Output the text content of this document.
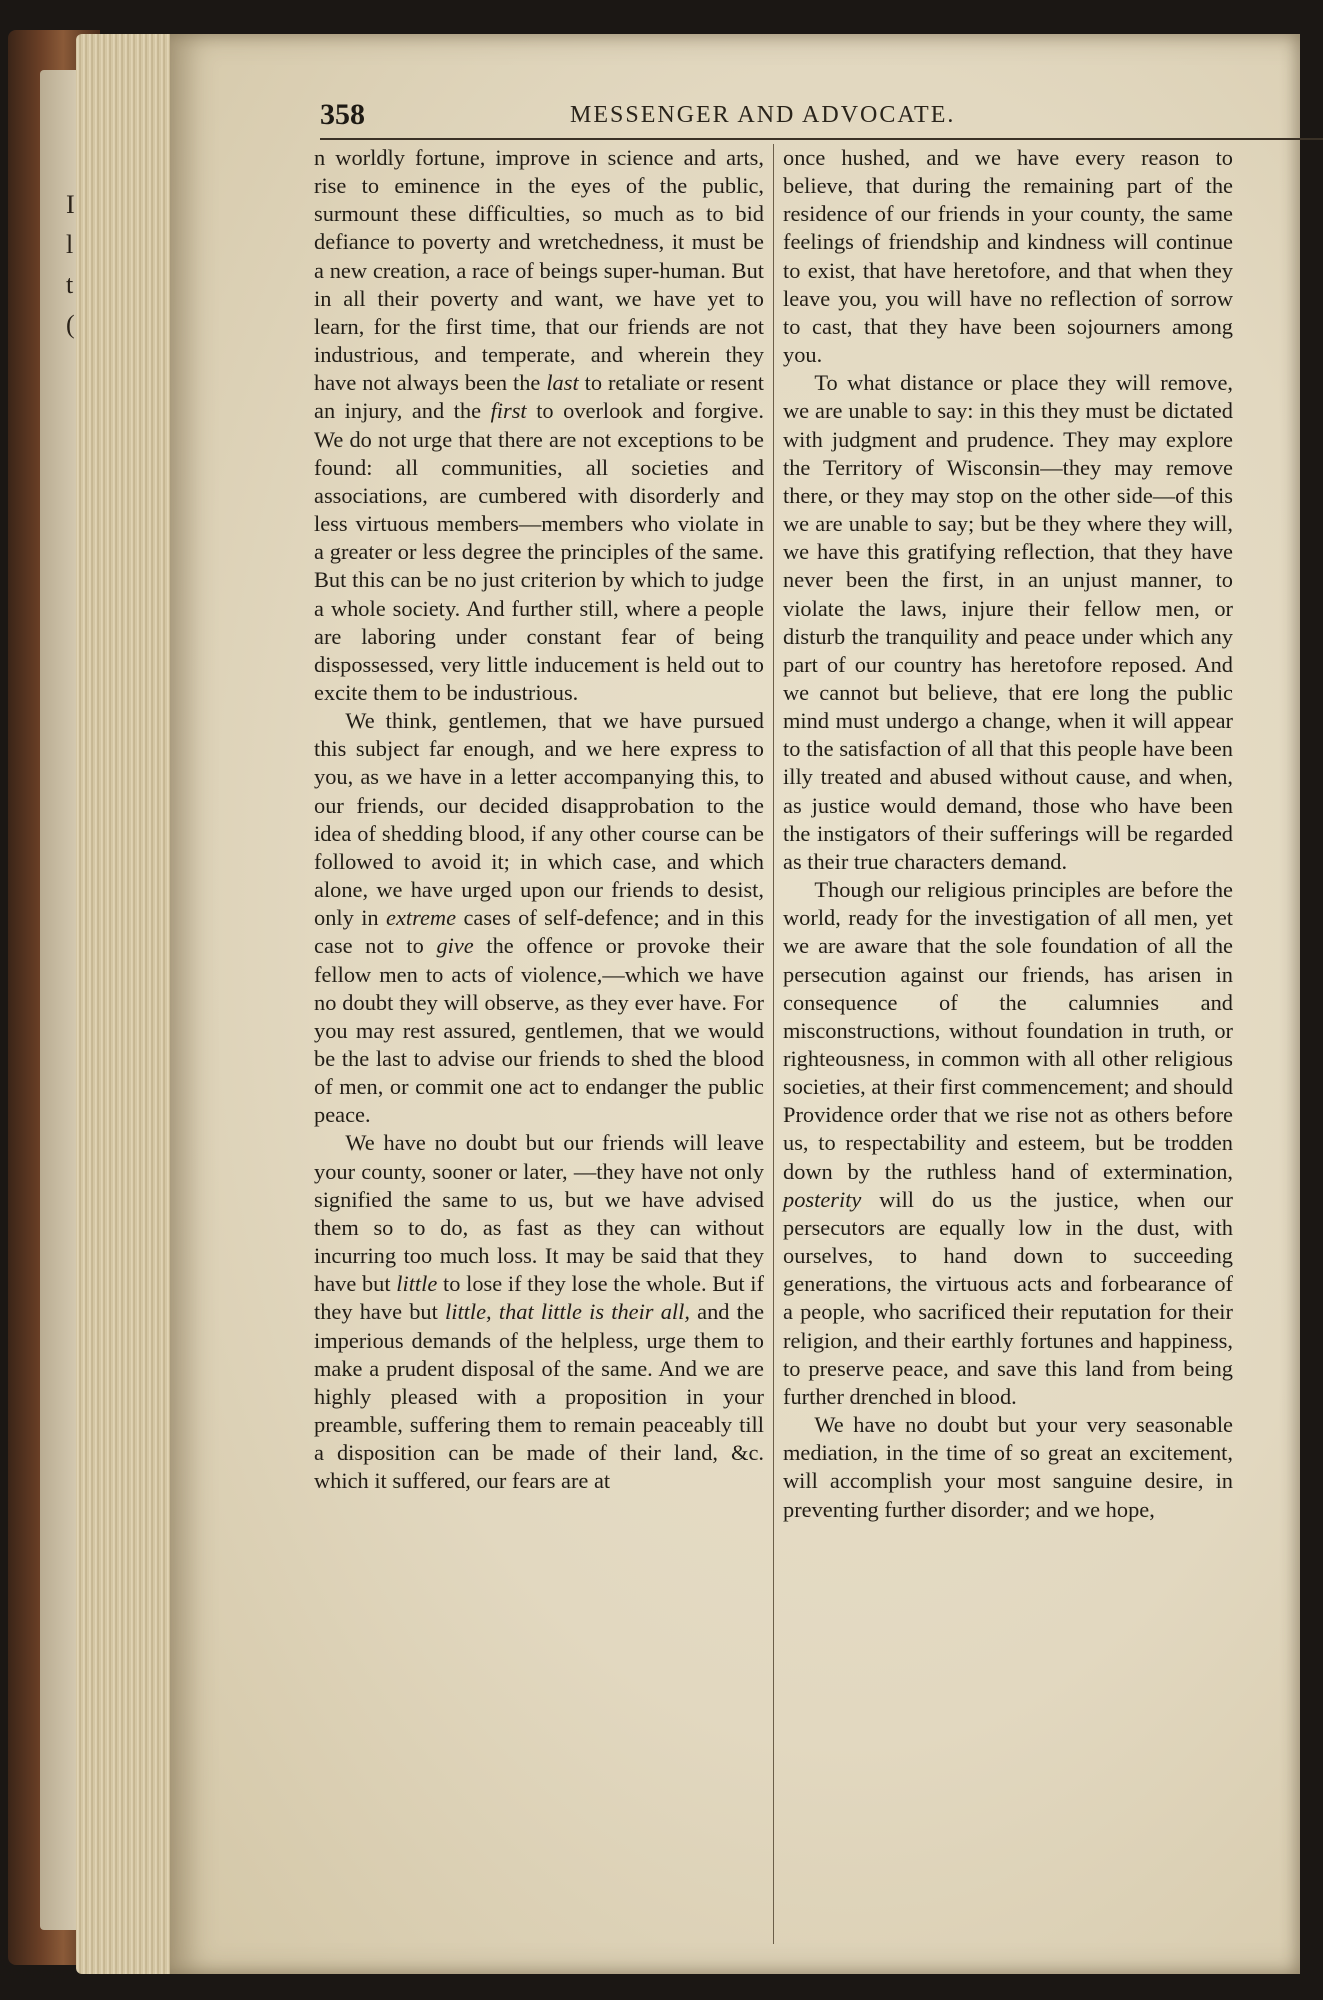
I
l
t
(
358	MESSENGER AND ADVOCATE.

n worldly fortune, improve in science and arts, rise to eminence in the eyes of the public, surmount these difficulties, so much as to bid defiance to poverty and wretchedness, it must be a new creation, a race of beings super-human. But in all their poverty and want, we have yet to learn, for the first time, that our friends are not industrious, and temperate, and wherein they have not always been the last to retaliate or resent an injury, and the first to overlook and forgive. We do not urge that there are not exceptions to be found: all communities, all societies and associations, are cumbered with disorderly and less virtuous members—members who violate in a greater or less degree the principles of the same. But this can be no just criterion by which to judge a whole society. And further still, where a people are laboring under constant fear of being dispossessed, very little inducement is held out to excite them to be industrious.

We think, gentlemen, that we have pursued this subject far enough, and we here express to you, as we have in a letter accompanying this, to our friends, our decided disapprobation to the idea of shedding blood, if any other course can be followed to avoid it; in which case, and which alone, we have urged upon our friends to desist, only in extreme cases of self-defence; and in this case not to give the offence or provoke their fellow men to acts of violence,—which we have no doubt they will observe, as they ever have. For you may rest assured, gentlemen, that we would be the last to advise our friends to shed the blood of men, or commit one act to endanger the public peace.

We have no doubt but our friends will leave your county, sooner or later, —they have not only signified the same to us, but we have advised them so to do, as fast as they can without incurring too much loss. It may be said that they have but little to lose if they lose the whole. But if they have but little, that little is their all, and the imperious demands of the helpless, urge them to make a prudent disposal of the same. And we are highly pleased with a proposition in your preamble, suffering them to remain peaceably till a disposition can be made of their land, &c. which it suffered, our fears are at

once hushed, and we have every reason to believe, that during the remaining part of the residence of our friends in your county, the same feelings of friendship and kindness will continue to exist, that have heretofore, and that when they leave you, you will have no reflection of sorrow to cast, that they have been sojourners among you.

To what distance or place they will remove, we are unable to say: in this they must be dictated with judgment and prudence. They may explore the Territory of Wisconsin—they may remove there, or they may stop on the other side—of this we are unable to say; but be they where they will, we have this gratifying reflection, that they have never been the first, in an unjust manner, to violate the laws, injure their fellow men, or disturb the tranquility and peace under which any part of our country has heretofore reposed. And we cannot but believe, that ere long the public mind must undergo a change, when it will appear to the satisfaction of all that this people have been illy treated and abused without cause, and when, as justice would demand, those who have been the instigators of their sufferings will be regarded as their true characters demand.

Though our religious principles are before the world, ready for the investigation of all men, yet we are aware that the sole foundation of all the persecution against our friends, has arisen in consequence of the calumnies and misconstructions, without foundation in truth, or righteousness, in common with all other religious societies, at their first commencement; and should Providence order that we rise not as others before us, to respectability and esteem, but be trodden down by the ruthless hand of extermination, posterity will do us the justice, when our persecutors are equally low in the dust, with ourselves, to hand down to succeeding generations, the virtuous acts and forbearance of a people, who sacrificed their reputation for their religion, and their earthly fortunes and happiness, to preserve peace, and save this land from being further drenched in blood.

We have no doubt but your very seasonable mediation, in the time of so great an excitement, will accomplish your most sanguine desire, in preventing further disorder; and we hope,
